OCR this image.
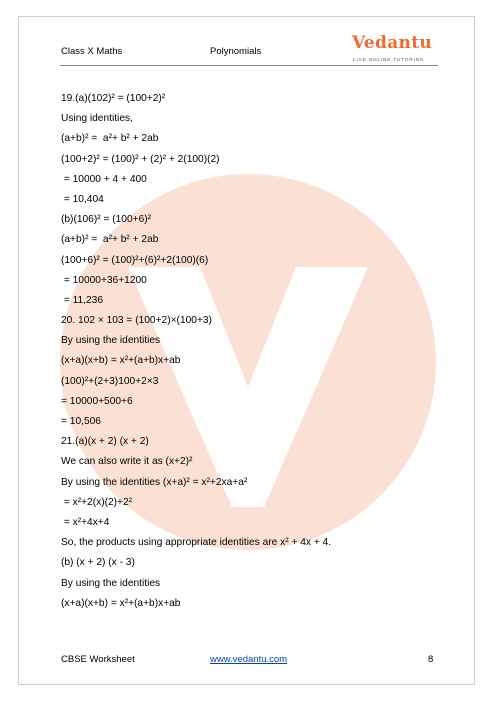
Class X Maths	Polynomials	Vedantu
LIVE ONLINE TUTORING
19.(a)(102)² = (100+2)²
Using identities,
(a+b)² =  a²+ b² + 2ab
(100+2)² = (100)² + (2)² + 2(100)(2)
= 10000 + 4 + 400
= 10,404
(b)(106)² = (100+6)²
(a+b)² =  a²+ b² + 2ab
(100+6)² = (100)²+(6)²+2(100)(6)
= 10000+36+1200
= 11,236
20. 102 × 103 = (100+2)×(100+3)
By using the identities
(x+a)(x+b) = x²+(a+b)x+ab
(100)²+(2+3)100+2×3
= 10000+500+6
= 10,506
21.(a)(x + 2) (x + 2)
We can also write it as (x+2)²
By using the identities (x+a)² = x²+2xa+a²
= x²+2(x)(2)+2²
= x²+4x+4
So, the products using appropriate identities are x² + 4x + 4.
(b) (x + 2) (x - 3)
By using the identities
(x+a)(x+b) = x²+(a+b)x+ab
CBSE Worksheet	www.vedantu.com	8
